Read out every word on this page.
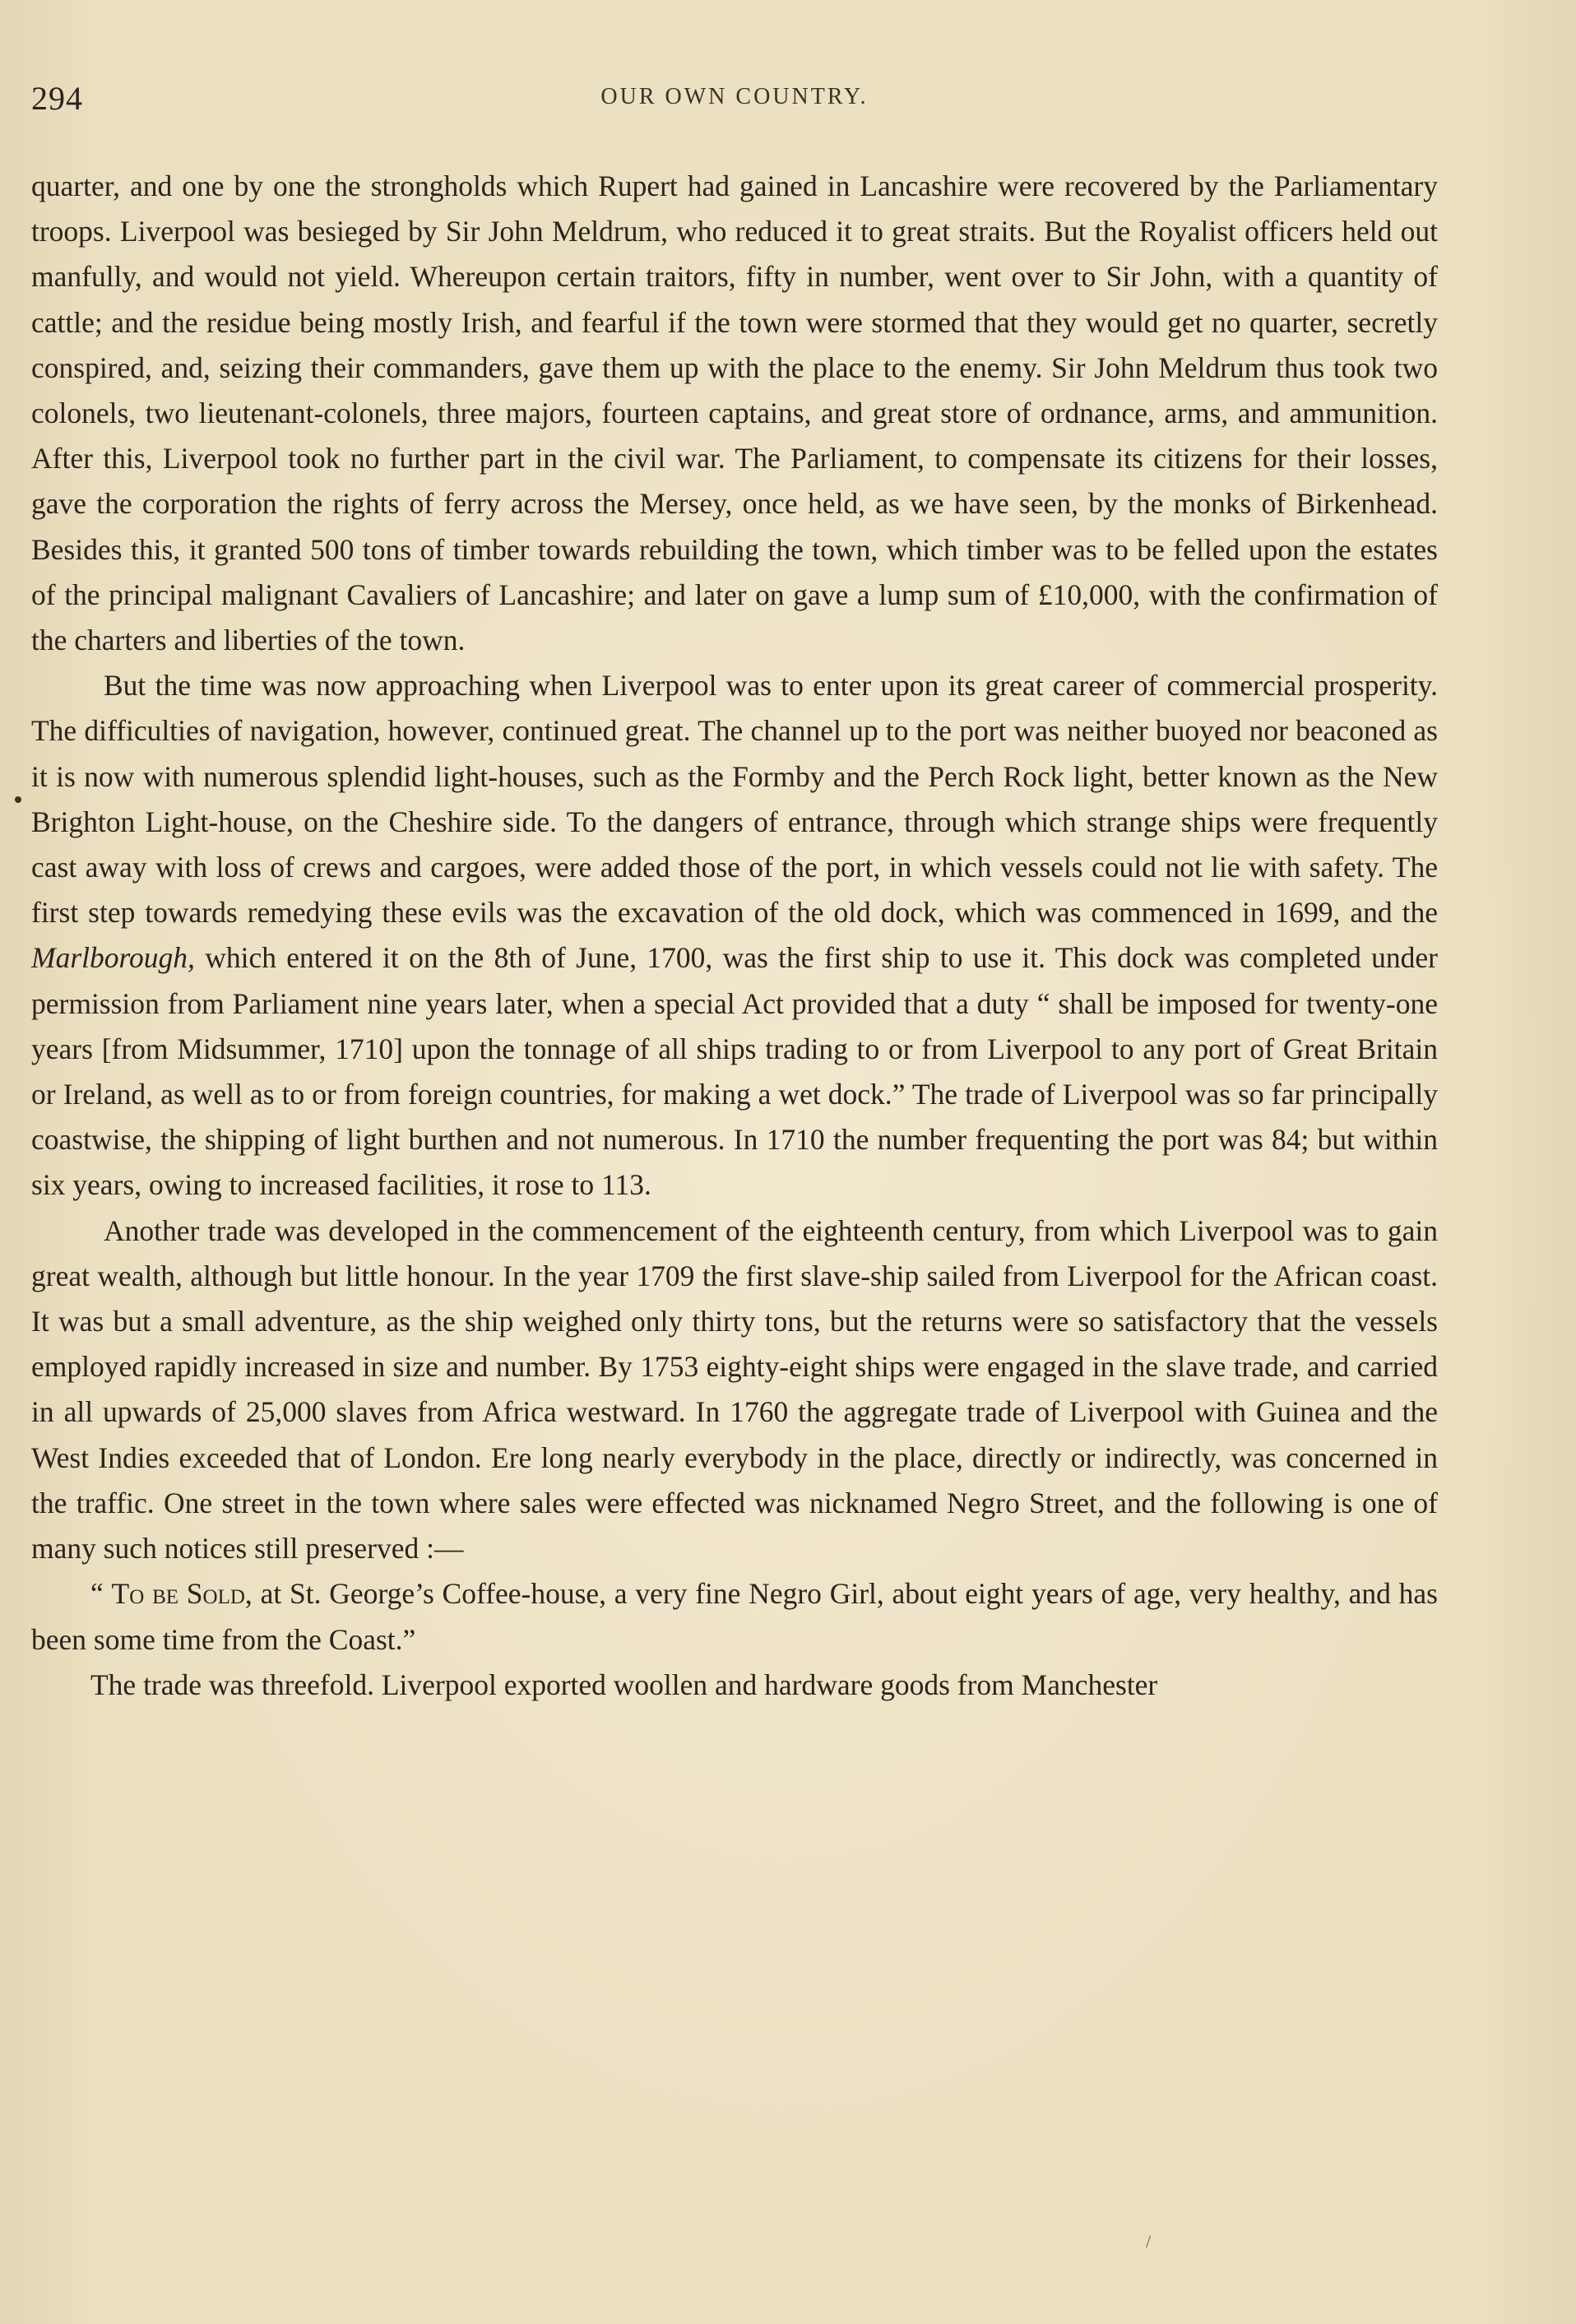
294	OUR OWN COUNTRY.

quarter, and one by one the strongholds which Rupert had gained in Lancashire were recovered by the Parliamentary troops. Liverpool was besieged by Sir John Meldrum, who reduced it to great straits. But the Royalist officers held out manfully, and would not yield. Whereupon certain traitors, fifty in number, went over to Sir John, with a quantity of cattle; and the residue being mostly Irish, and fearful if the town were stormed that they would get no quarter, secretly conspired, and, seizing their commanders, gave them up with the place to the enemy. Sir John Meldrum thus took two colonels, two lieutenant-colonels, three majors, fourteen captains, and great store of ordnance, arms, and ammunition. After this, Liverpool took no further part in the civil war. The Parliament, to compensate its citizens for their losses, gave the corporation the rights of ferry across the Mersey, once held, as we have seen, by the monks of Birkenhead. Besides this, it granted 500 tons of timber towards rebuilding the town, which timber was to be felled upon the estates of the principal malignant Cavaliers of Lancashire; and later on gave a lump sum of £10,000, with the confirmation of the charters and liberties of the town.

But the time was now approaching when Liverpool was to enter upon its great career of commercial prosperity. The difficulties of navigation, however, continued great. The channel up to the port was neither buoyed nor beaconed as it is now with numerous splendid light-houses, such as the Formby and the Perch Rock light, better known as the New Brighton Light-house, on the Cheshire side. To the dangers of entrance, through which strange ships were frequently cast away with loss of crews and cargoes, were added those of the port, in which vessels could not lie with safety. The first step towards remedying these evils was the excavation of the old dock, which was commenced in 1699, and the Marlborough, which entered it on the 8th of June, 1700, was the first ship to use it. This dock was completed under permission from Parliament nine years later, when a special Act provided that a duty “ shall be imposed for twenty-one years [from Midsummer, 1710] upon the tonnage of all ships trading to or from Liverpool to any port of Great Britain or Ireland, as well as to or from foreign countries, for making a wet dock.” The trade of Liverpool was so far principally coastwise, the shipping of light burthen and not numerous. In 1710 the number frequenting the port was 84; but within six years, owing to increased facilities, it rose to 113.

Another trade was developed in the commencement of the eighteenth century, from which Liverpool was to gain great wealth, although but little honour. In the year 1709 the first slave-ship sailed from Liverpool for the African coast. It was but a small adventure, as the ship weighed only thirty tons, but the returns were so satisfactory that the vessels employed rapidly increased in size and number. By 1753 eighty-eight ships were engaged in the slave trade, and carried in all upwards of 25,000 slaves from Africa westward. In 1760 the aggregate trade of Liverpool with Guinea and the West Indies exceeded that of London. Ere long nearly everybody in the place, directly or indirectly, was concerned in the traffic. One street in the town where sales were effected was nicknamed Negro Street, and the following is one of many such notices still preserved :—

“ To be Sold, at St. George’s Coffee-house, a very fine Negro Girl, about eight years of age, very healthy, and has been some time from the Coast.”

The trade was threefold. Liverpool exported woollen and hardware goods from Manchester

/
